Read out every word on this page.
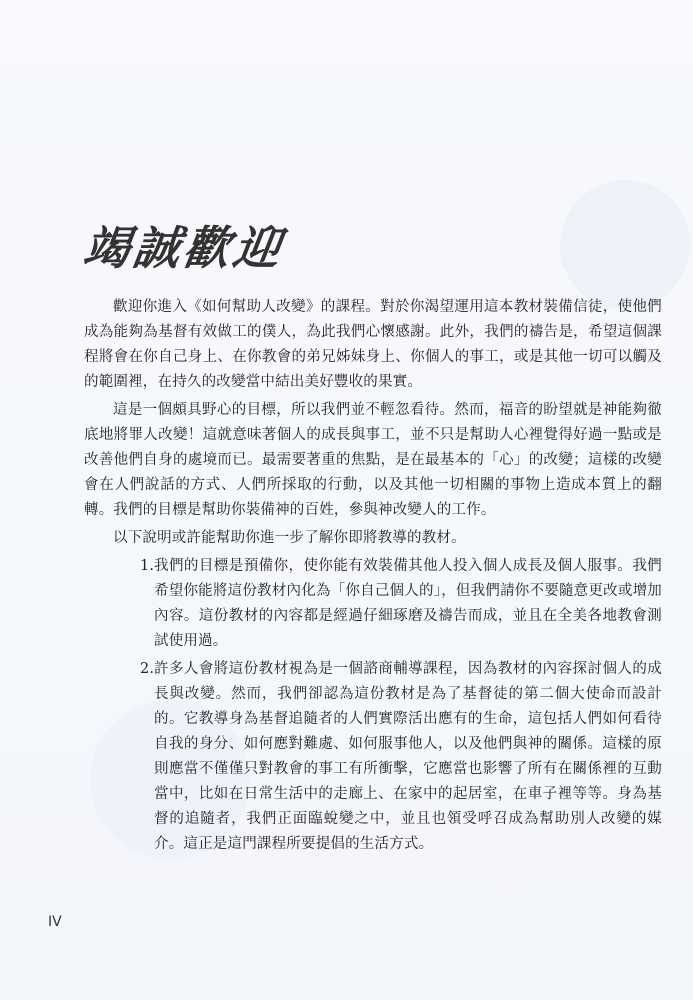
竭誠歡迎

歡迎你進入《如何幫助人改變》的課程。對於你渴望運用這本教材裝備信徒，使他們成為能夠為基督有效做工的僕人，為此我們心懷感謝。此外，我們的禱告是，希望這個課程將會在你自己身上、在你教會的弟兄姊妹身上、你個人的事工，或是其他一切可以觸及的範圍裡，在持久的改變當中結出美好豐收的果實。

這是一個頗具野心的目標，所以我們並不輕忽看待。然而，福音的盼望就是神能夠徹底地將罪人改變！這就意味著個人的成長與事工，並不只是幫助人心裡覺得好過一點或是改善他們自身的處境而已。最需要著重的焦點，是在最基本的「心」的改變；這樣的改變會在人們說話的方式、人們所採取的行動，以及其他一切相關的事物上造成本質上的翻轉。我們的目標是幫助你裝備神的百姓，參與神改變人的工作。

以下說明或許能幫助你進一步了解你即將教導的教材。

1. 我們的目標是預備你，使你能有效裝備其他人投入個人成長及個人服事。我們希望你能將這份教材內化為「你自己個人的」，但我們請你不要隨意更改或增加內容。這份教材的內容都是經過仔細琢磨及禱告而成，並且在全美各地教會測試使用過。
2. 許多人會將這份教材視為是一個諮商輔導課程，因為教材的內容探討個人的成長與改變。然而，我們卻認為這份教材是為了基督徒的第二個大使命而設計的。它教導身為基督追隨者的人們實際活出應有的生命，這包括人們如何看待自我的身分、如何應對難處、如何服事他人，以及他們與神的關係。這樣的原則應當不僅僅只對教會的事工有所衝擊，它應當也影響了所有在關係裡的互動當中，比如在日常生活中的走廊上、在家中的起居室，在車子裡等等。身為基督的追隨者，我們正面臨蛻變之中，並且也領受呼召成為幫助別人改變的媒介。這正是這門課程所要提倡的生活方式。
IV
